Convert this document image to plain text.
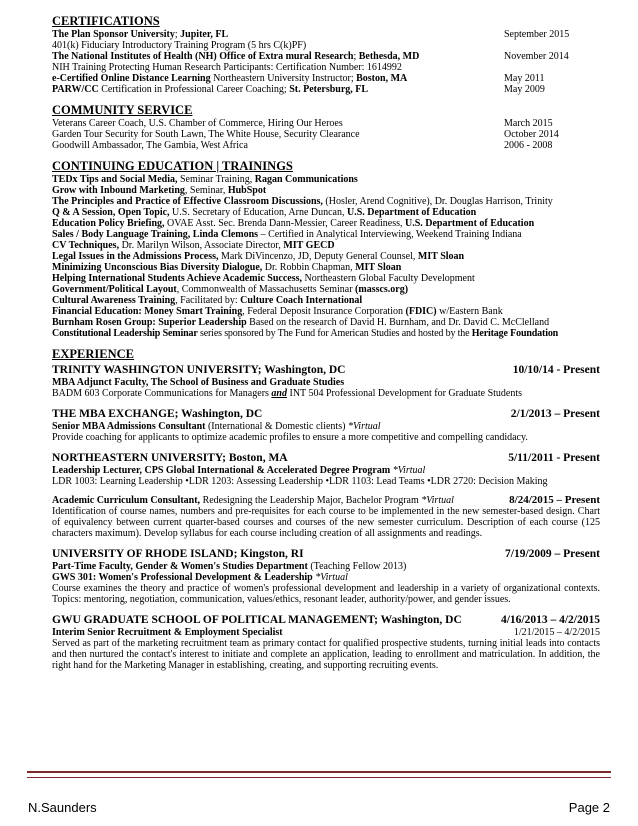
CERTIFICATIONS
The Plan Sponsor University; Jupiter, FL	September 2015
401(k) Fiduciary Introductory Training Program (5 hrs C(k)PF)
The National Institutes of Health (NH) Office of Extra mural Research; Bethesda, MD	November 2014
NIH Training Protecting Human Research Participants: Certification Number: 1614992
e-Certified Online Distance Learning Northeastern University Instructor; Boston, MA	May 2011
PARW/CC Certification in Professional Career Coaching; St. Petersburg, FL	May 2009
COMMUNITY SERVICE
Veterans Career Coach, U.S. Chamber of Commerce, Hiring Our Heroes	March 2015
Garden Tour Security for South Lawn, The White House, Security Clearance	October 2014
Goodwill Ambassador, The Gambia, West Africa	2006 - 2008
CONTINUING EDUCATION | TRAININGS
TEDx Tips and Social Media, Seminar Training, Ragan Communications
Grow with Inbound Marketing, Seminar, HubSpot
The Principles and Practice of Effective Classroom Discussions, (Hosler, Arend Cognitive), Dr. Douglas Harrison, Trinity
Q & A Session, Open Topic, U.S. Secretary of Education, Arne Duncan, U.S. Department of Education
Education Policy Briefing, OVAE Asst. Sec. Brenda Dann-Messier, Career Readiness, U.S. Department of Education
Sales / Body Language Training, Linda Clemons – Certified in Analytical Interviewing, Weekend Training Indiana
CV Techniques, Dr. Marilyn Wilson, Associate Director, MIT GECD
Legal Issues in the Admissions Process, Mark DiVincenzo, JD, Deputy General Counsel, MIT Sloan
Minimizing Unconscious Bias Diversity Dialogue, Dr. Robbin Chapman, MIT Sloan
Helping International Students Achieve Academic Success, Northeastern Global Faculty Development
Government/Political Layout, Commonwealth of Massachusetts Seminar (masscs.org)
Cultural Awareness Training, Facilitated by: Culture Coach International
Financial Education: Money Smart Training, Federal Deposit Insurance Corporation (FDIC) w/Eastern Bank
Burnham Rosen Group: Superior Leadership Based on the research of David H. Burnham, and Dr. David C. McClelland
Constitutional Leadership Seminar series sponsored by The Fund for American Studies and hosted by the Heritage Foundation
EXPERIENCE
TRINITY WASHINGTON UNIVERSITY; Washington, DC	10/10/14 - Present
MBA Adjunct Faculty, The School of Business and Graduate Studies
BADM 603 Corporate Communications for Managers and INT 504 Professional Development for Graduate Students
THE MBA EXCHANGE; Washington, DC	2/1/2013 – Present
Senior MBA Admissions Consultant (International & Domestic clients) *Virtual
Provide coaching for applicants to optimize academic profiles to ensure a more competitive and compelling candidacy.
NORTHEASTERN UNIVERSITY; Boston, MA	5/11/2011 - Present
Leadership Lecturer, CPS Global International & Accelerated Degree Program *Virtual
LDR 1003: Learning Leadership •LDR 1203: Assessing Leadership •LDR 1103: Lead Teams •LDR 2720: Decision Making
Academic Curriculum Consultant, Redesigning the Leadership Major, Bachelor Program *Virtual	8/24/2015 – Present
Identification of course names, numbers and pre-requisites for each course to be implemented in the new semester-based design. Chart of equivalency between current quarter-based courses and courses of the new semester curriculum. Description of each course (125 characters maximum). Develop syllabus for each course including creation of all assignments and readings.
UNIVERSITY OF RHODE ISLAND; Kingston, RI	7/19/2009 – Present
Part-Time Faculty, Gender & Women's Studies Department (Teaching Fellow 2013)
GWS 301: Women's Professional Development & Leadership *Virtual
Course examines the theory and practice of women's professional development and leadership in a variety of organizational contexts. Topics: mentoring, negotiation, communication, values/ethics, resonant leader, authority/power, and gender issues.
GWU GRADUATE SCHOOL OF POLITICAL MANAGEMENT; Washington, DC	4/16/2013 – 4/2/2015
Interim Senior Recruitment & Employment Specialist	1/21/2015 – 4/2/2015
Served as part of the marketing recruitment team as primary contact for qualified prospective students, turning initial leads into contacts and then nurtured the contact's interest to initiate and complete an application, leading to enrollment and matriculation. In addition, the right hand for the Marketing Manager in establishing, creating, and supporting recruiting events.
N.Saunders	Page 2
